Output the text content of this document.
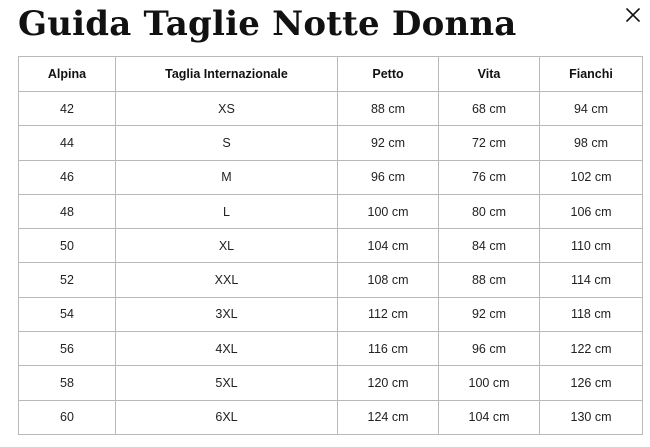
Guida Taglie Notte Donna
Alpina	Taglia Internazionale	Petto	Vita	Fianchi
42	XS	88 cm	68 cm	94 cm
44	S	92 cm	72 cm	98 cm
46	M	96 cm	76 cm	102 cm
48	L	100 cm	80 cm	106 cm
50	XL	104 cm	84 cm	110 cm
52	XXL	108 cm	88 cm	114 cm
54	3XL	112 cm	92 cm	118 cm
56	4XL	116 cm	96 cm	122 cm
58	5XL	120 cm	100 cm	126 cm
60	6XL	124 cm	104 cm	130 cm
